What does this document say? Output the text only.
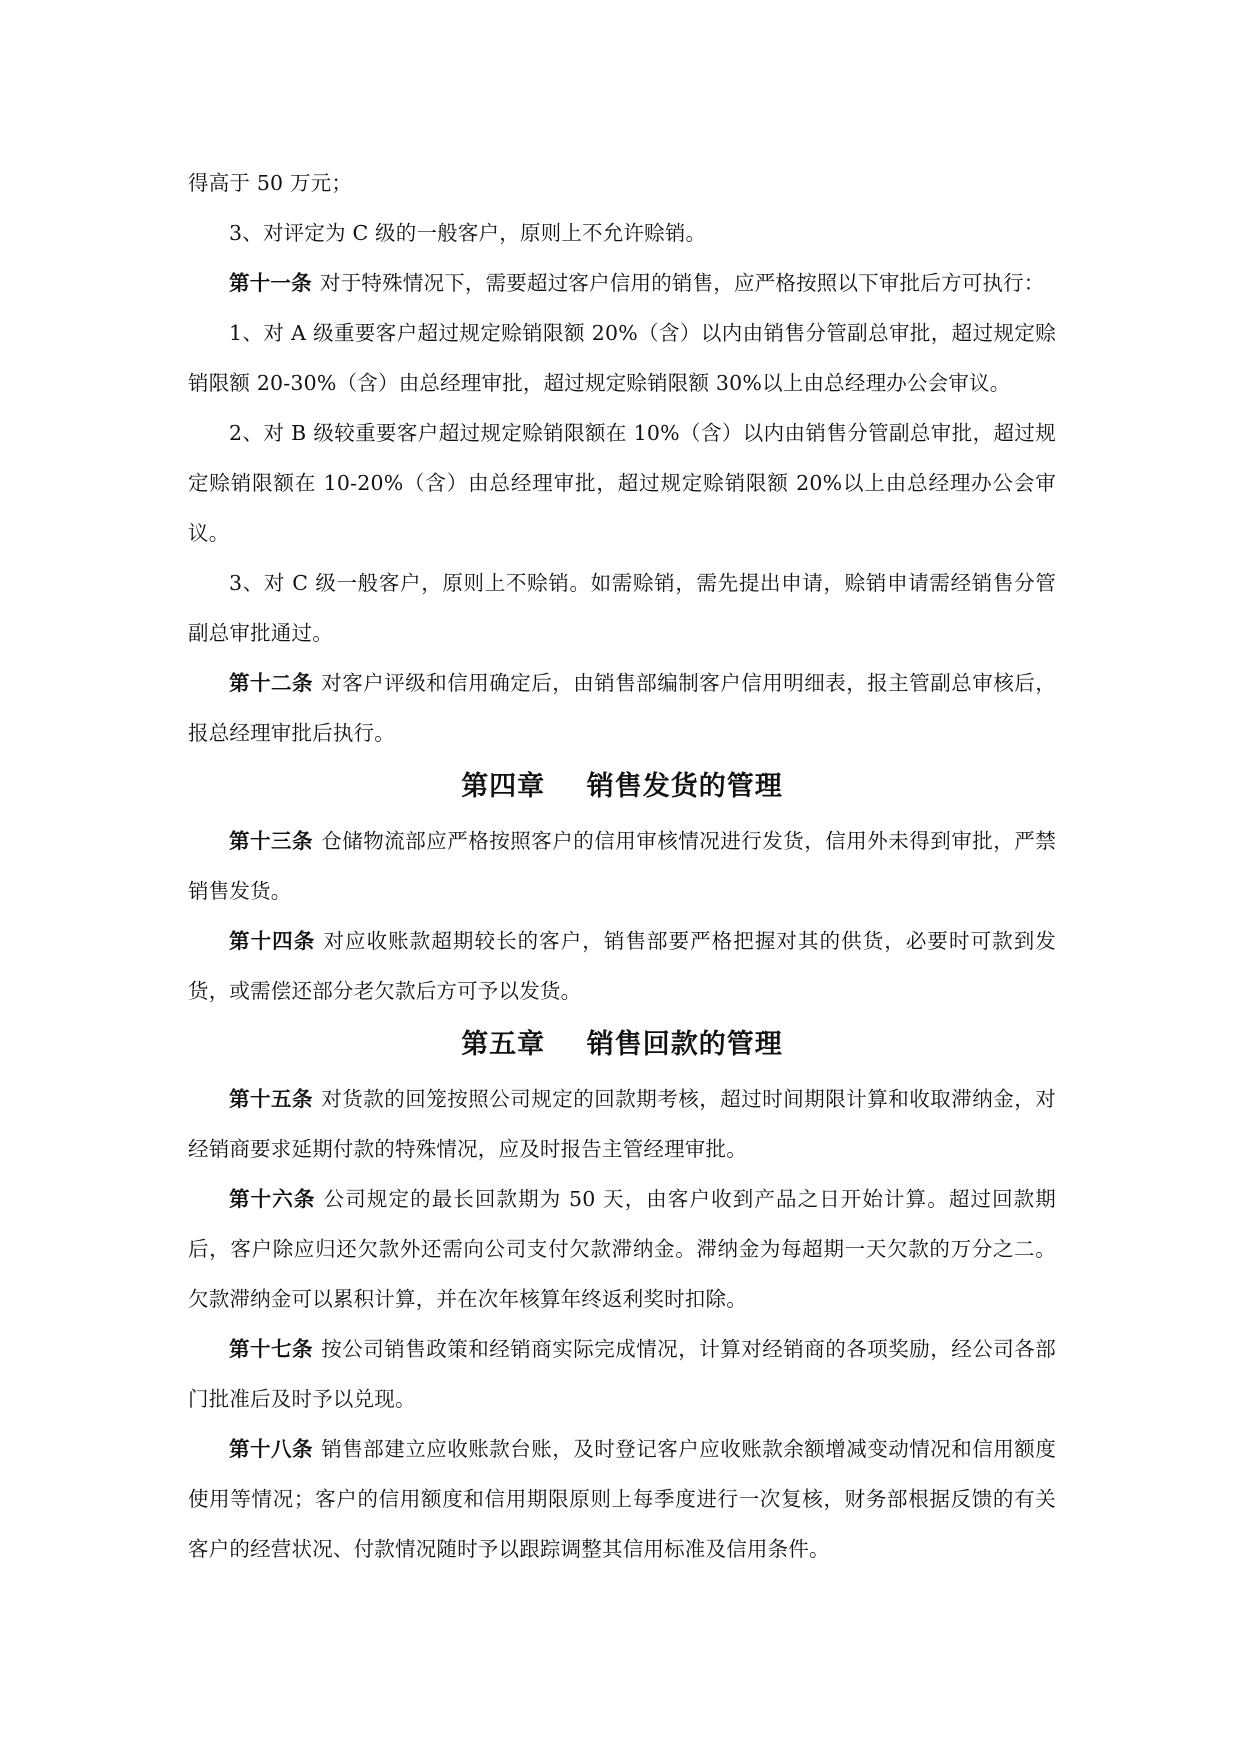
得高于 50 万元；

3、对评定为 C 级的一般客户，原则上不允许赊销。

第十一条 对于特殊情况下，需要超过客户信用的销售，应严格按照以下审批后方可执行：

1、对 A 级重要客户超过规定赊销限额 20%（含）以内由销售分管副总审批，超过规定赊销限额 20-30%（含）由总经理审批，超过规定赊销限额 30%以上由总经理办公会审议。

2、对 B 级较重要客户超过规定赊销限额在 10%（含）以内由销售分管副总审批，超过规定赊销限额在 10-20%（含）由总经理审批，超过规定赊销限额 20%以上由总经理办公会审议。

3、对 C 级一般客户，原则上不赊销。如需赊销，需先提出申请，赊销申请需经销售分管副总审批通过。

第十二条 对客户评级和信用确定后，由销售部编制客户信用明细表，报主管副总审核后，报总经理审批后执行。

第四章    销售发货的管理

第十三条 仓储物流部应严格按照客户的信用审核情况进行发货，信用外未得到审批，严禁销售发货。

第十四条 对应收账款超期较长的客户，销售部要严格把握对其的供货，必要时可款到发货，或需偿还部分老欠款后方可予以发货。

第五章    销售回款的管理

第十五条 对货款的回笼按照公司规定的回款期考核，超过时间期限计算和收取滞纳金，对经销商要求延期付款的特殊情况，应及时报告主管经理审批。

第十六条 公司规定的最长回款期为 50 天，由客户收到产品之日开始计算。超过回款期后，客户除应归还欠款外还需向公司支付欠款滞纳金。滞纳金为每超期一天欠款的万分之二。欠款滞纳金可以累积计算，并在次年核算年终返利奖时扣除。

第十七条 按公司销售政策和经销商实际完成情况，计算对经销商的各项奖励，经公司各部门批准后及时予以兑现。

第十八条 销售部建立应收账款台账，及时登记客户应收账款余额增减变动情况和信用额度使用等情况；客户的信用额度和信用期限原则上每季度进行一次复核，财务部根据反馈的有关客户的经营状况、付款情况随时予以跟踪调整其信用标准及信用条件。
